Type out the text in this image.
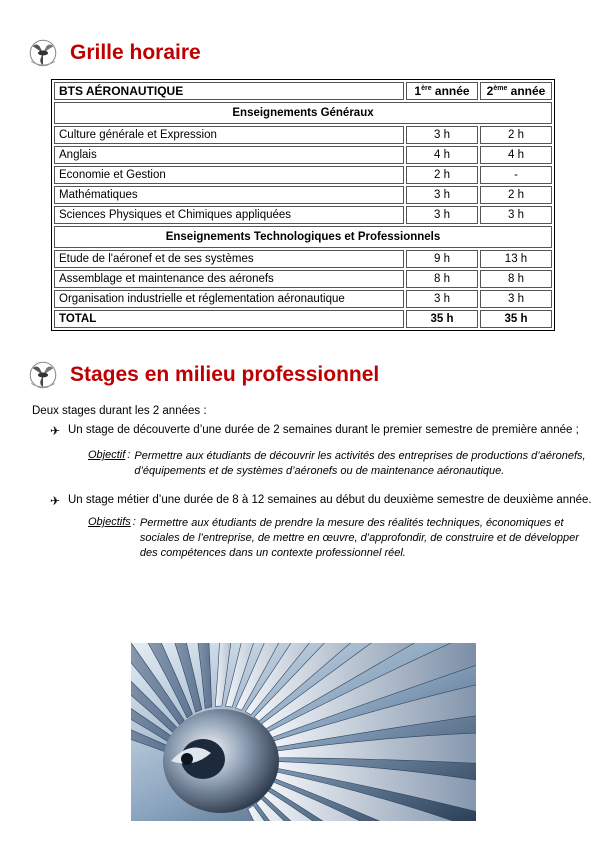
Grille horaire
BTS AÉRONAUTIQUE	1ère année	2ème année
Enseignements Généraux		
Culture générale et Expression	3 h	2 h
Anglais	4 h	4 h
Economie et Gestion	2 h	-
Mathématiques	3 h	2 h
Sciences Physiques et Chimiques appliquées	3 h	3 h
Enseignements Technologiques et Professionnels		
Etude de l'aéronef et de ses systèmes	9 h	13 h
Assemblage et maintenance des aéronefs	8 h	8 h
Organisation industrielle et réglementation aéronautique	3 h	3 h
TOTAL	35 h	35 h
Stages en milieu professionnel
Deux stages durant les 2 années :
✈ Un stage de découverte d’une durée de 2 semaines durant le premier semestre de première année ;
Objectif : Permettre aux étudiants de découvrir les activités des entreprises de productions d’aéronefs, d’équipements et de systèmes d’aéronefs ou de maintenance aéronautique.
✈ Un stage métier d’une durée de 8 à 12 semaines au début du deuxième semestre de deuxième année.
Objectifs : Permettre aux étudiants de prendre la mesure des réalités techniques, économiques et sociales de l’entreprise, de mettre en œuvre, d’approfondir, de construire et de développer des compétences dans un contexte professionnel réel.
